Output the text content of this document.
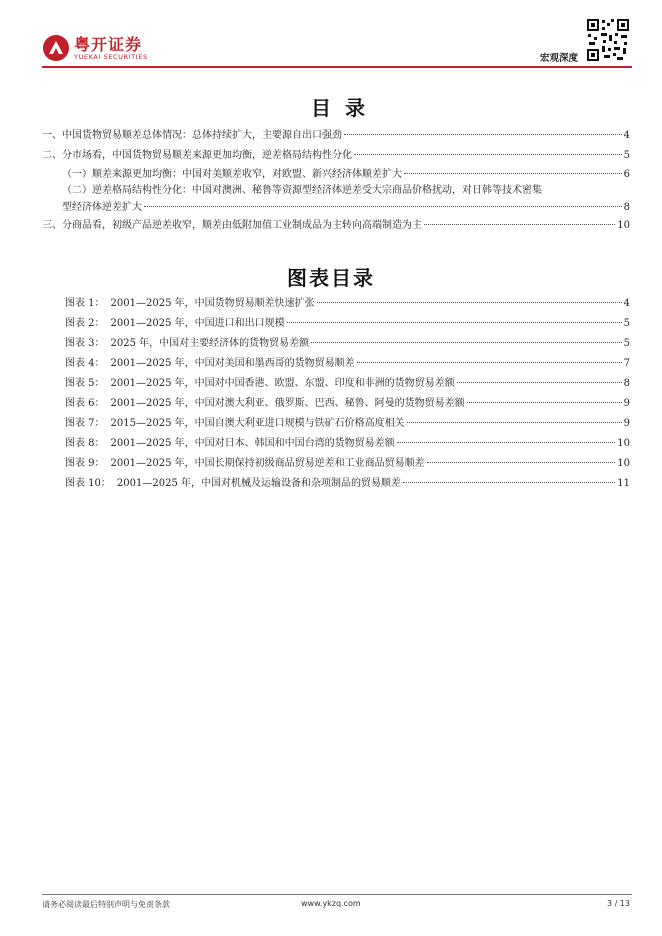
粤开证券
YUEKAI SECURITIES	宏观深度
目录
一、中国货物贸易顺差总体情况：总体持续扩大，主要源自出口强劲	4
二、分市场看，中国货物贸易顺差来源更加均衡，逆差格局结构性分化	5
（一）顺差来源更加均衡：中国对美顺差收窄，对欧盟、新兴经济体顺差扩大	6
（二）逆差格局结构性分化：中国对澳洲、秘鲁等资源型经济体逆差受大宗商品价格扰动，对日韩等技术密集
型经济体逆差扩大	8
三、分商品看，初级产品逆差收窄，顺差由低附加值工业制成品为主转向高端制造为主	10
图表目录
图表 1： 2001—2025 年，中国货物贸易顺差快速扩张	4
图表 2： 2001—2025 年，中国进口和出口规模	5
图表 3： 2025 年，中国对主要经济体的货物贸易差额	5
图表 4： 2001—2025 年，中国对美国和墨西哥的货物贸易顺差	7
图表 5： 2001—2025 年，中国对中国香港、欧盟、东盟、印度和非洲的货物贸易差额	8
图表 6： 2001—2025 年，中国对澳大利亚、俄罗斯、巴西、秘鲁、阿曼的货物贸易差额	9
图表 7： 2015—2025 年，中国自澳大利亚进口规模与铁矿石价格高度相关	9
图表 8： 2001—2025 年，中国对日本、韩国和中国台湾的货物贸易差额	10
图表 9： 2001—2025 年，中国长期保持初级商品贸易逆差和工业商品贸易顺差	10
图表 10： 2001—2025 年，中国对机械及运输设备和杂项制品的贸易顺差	11
请务必阅读最后特别声明与免责条款	www.ykzq.com	3 / 13
